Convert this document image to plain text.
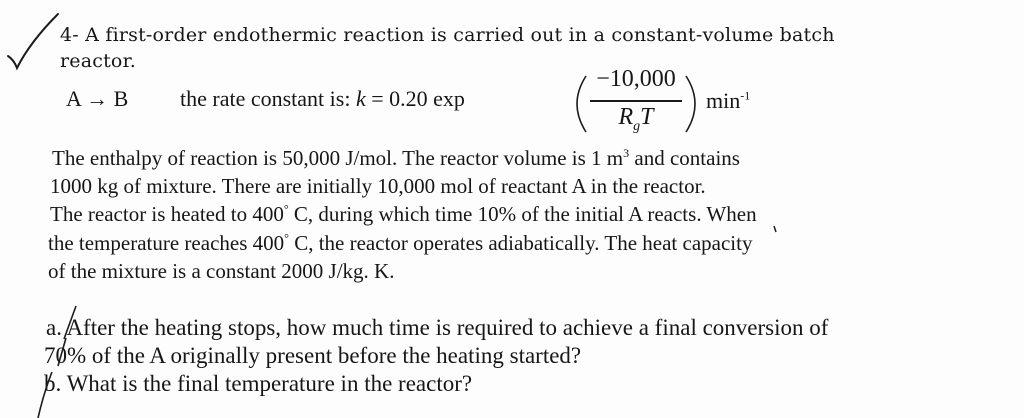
4- A first-order endothermic reaction is carried out in a constant-volume batch

reactor.

A → B the rate constant is: k = 0.20 exp

−10,000
$R_gT$

$\min^{-1}$

The enthalpy of reaction is 50,000 J/mol. The reactor volume is 1 $m^3$ and contains

1000 kg of mixture. There are initially 10,000 mol of reactant A in the reactor.

The reactor is heated to 400° C, during which time 10% of the initial A reacts. When

the temperature reaches 400° C, the reactor operates adiabatically. The heat capacity

of the mixture is a constant 2000 J/kg. K.

a. After the heating stops, how much time is required to achieve a final conversion of

70% of the A originally present before the heating started?

b. What is the final temperature in the reactor?
